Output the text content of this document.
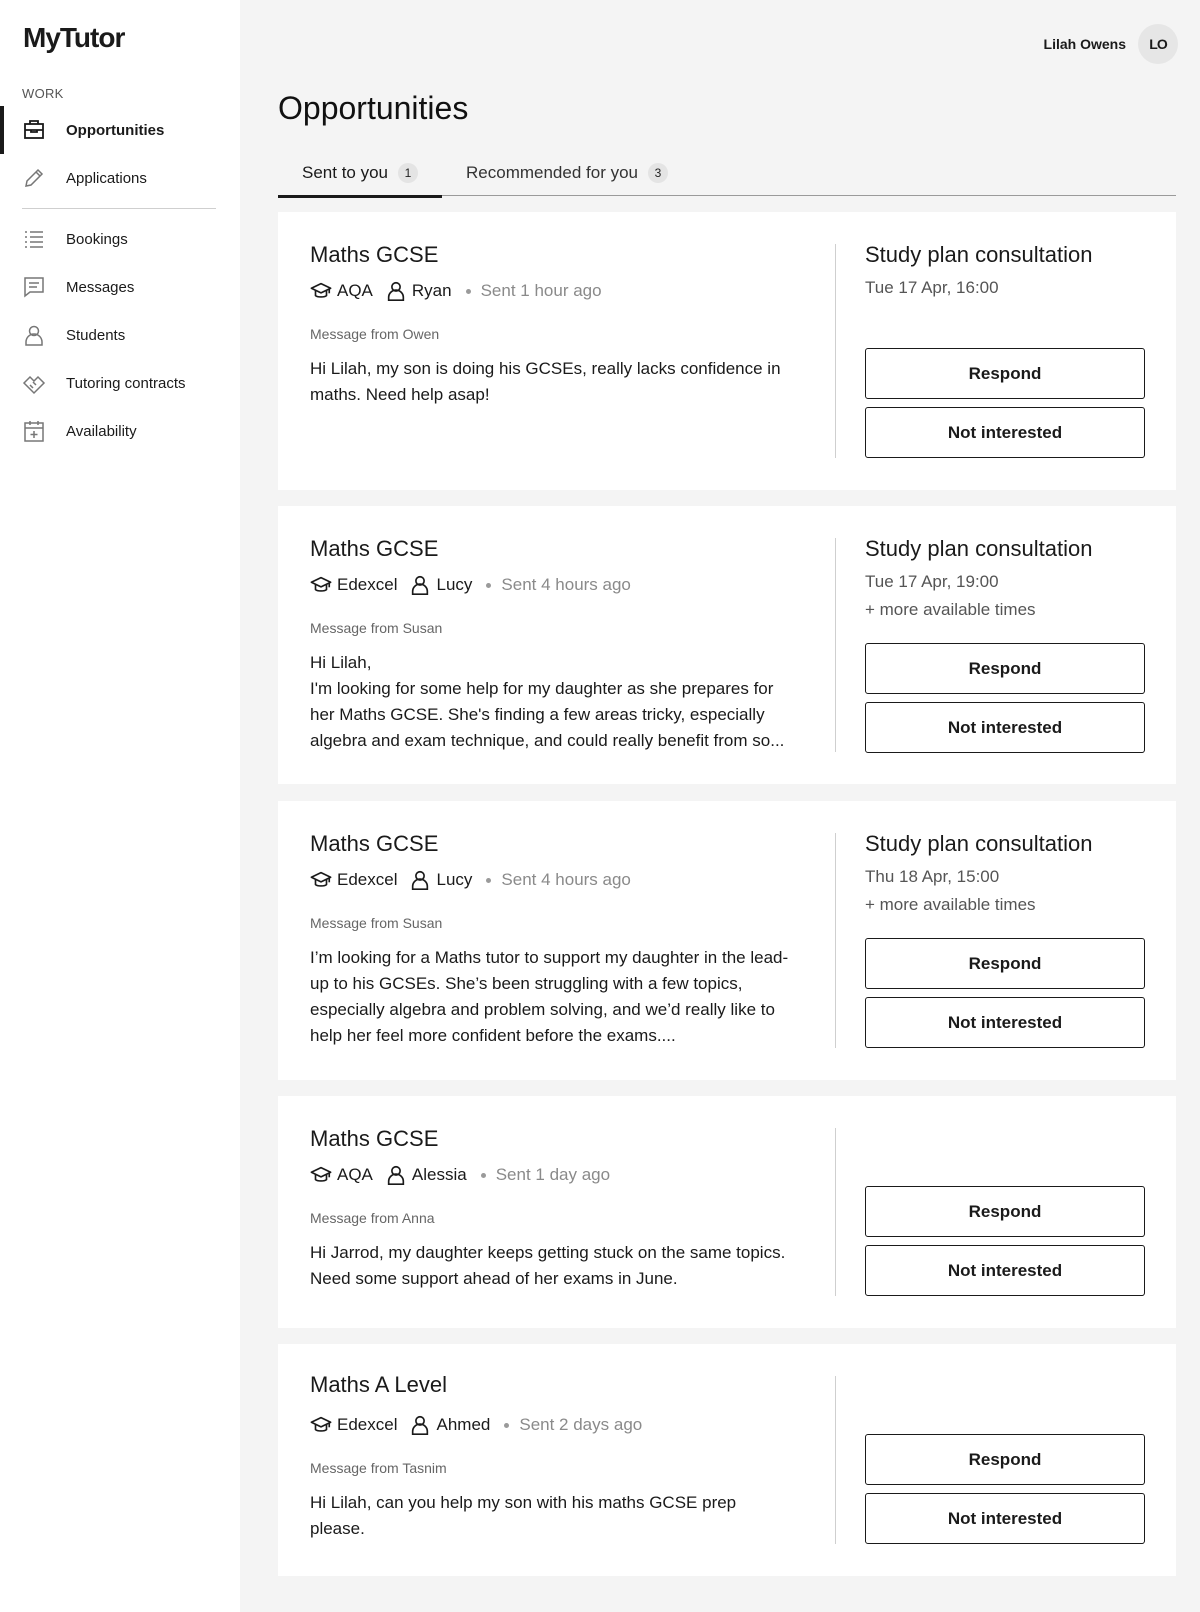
MyTutor
WORK
Opportunities
Applications
Bookings
Messages
Students
Tutoring contracts
Availability
Lilah Owens	LO
Opportunities
Sent to you	1	Recommended for you	3
Maths GCSE
AQA Ryan Sent 1 hour ago
Message from Owen
Hi Lilah, my son is doing his GCSEs, really lacks confidence in maths. Need help asap!
Study plan consultation
Tue 17 Apr, 16:00
Respond
Not interested
Maths GCSE
Edexcel Lucy Sent 4 hours ago
Message from Susan
Hi Lilah,
I'm looking for some help for my daughter as she prepares for her Maths GCSE. She's finding a few areas tricky, especially algebra and exam technique, and could really benefit from so...
Study plan consultation
Tue 17 Apr, 19:00
+ more available times
Respond
Not interested
Maths GCSE
Edexcel Lucy Sent 4 hours ago
Message from Susan
I’m looking for a Maths tutor to support my daughter in the lead-up to his GCSEs. She’s been struggling with a few topics, especially algebra and problem solving, and we’d really like to help her feel more confident before the exams....
Study plan consultation
Thu 18 Apr, 15:00
+ more available times
Respond
Not interested
Maths GCSE
AQA Alessia Sent 1 day ago
Message from Anna
Hi Jarrod, my daughter keeps getting stuck on the same topics. Need some support ahead of her exams in June.
Respond
Not interested
Maths A Level
Edexcel Ahmed Sent 2 days ago
Message from Tasnim
Hi Lilah, can you help my son with his maths GCSE prep please.
Respond
Not interested
